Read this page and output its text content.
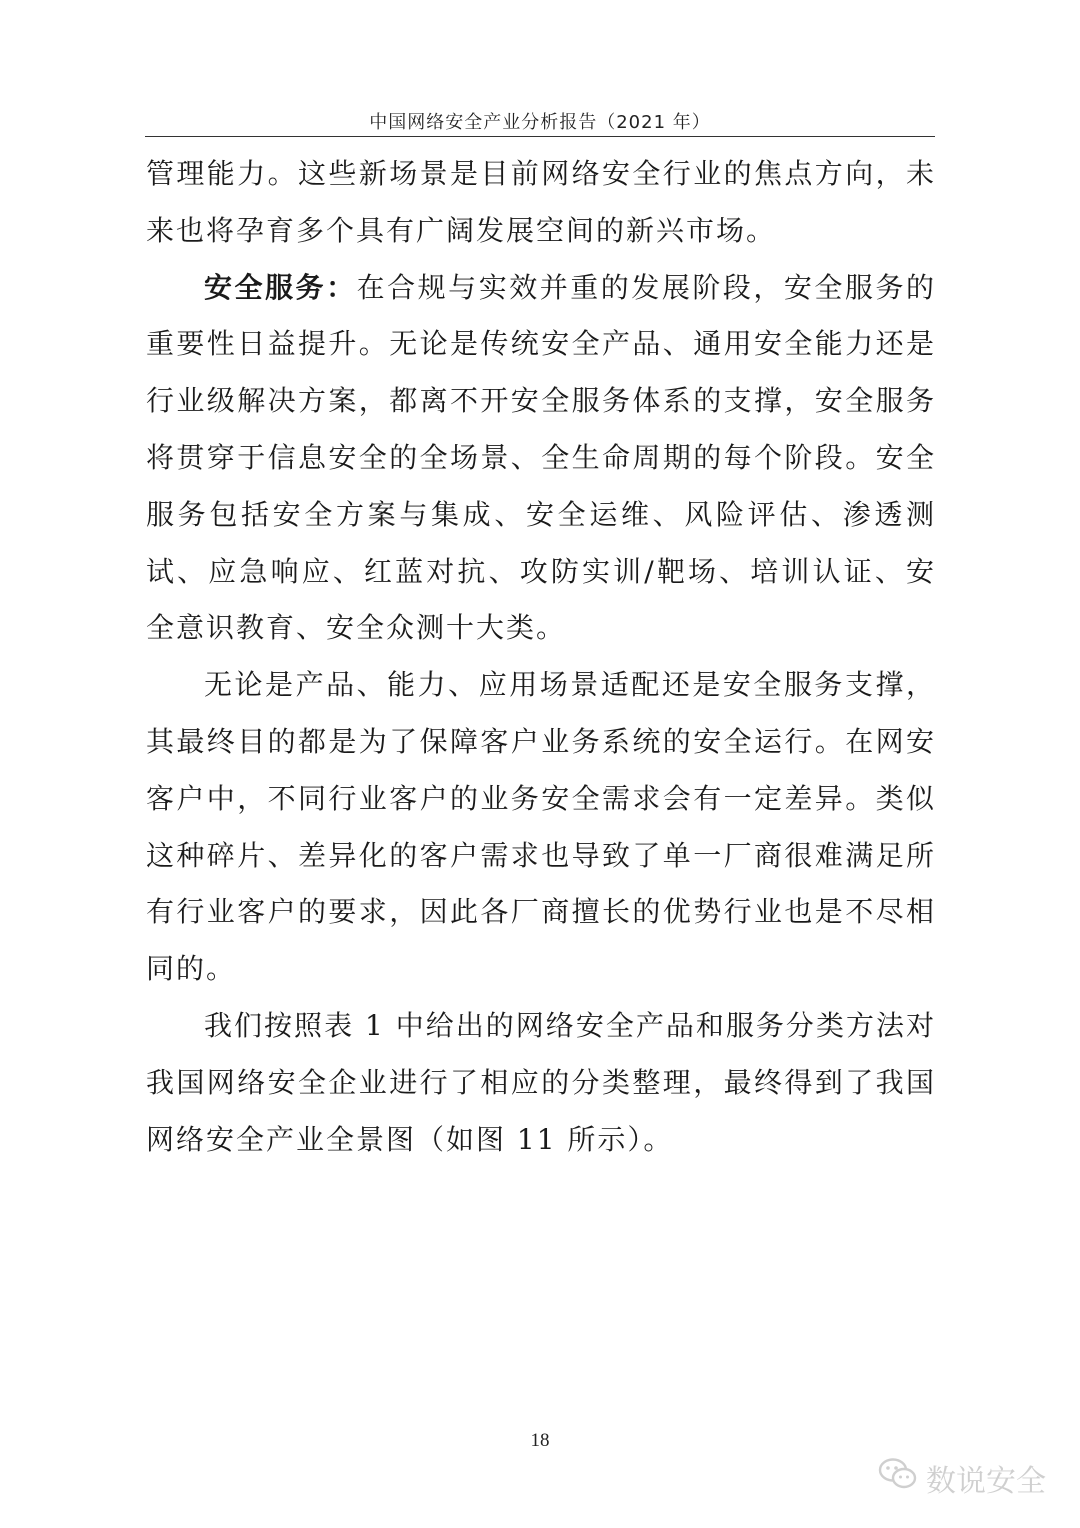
中国网络安全产业分析报告（2021 年）

管理能力。这些新场景是目前网络安全行业的焦点方向，未来也将孕育多个具有广阔发展空间的新兴市场。

安全服务：在合规与实效并重的发展阶段，安全服务的重要性日益提升。无论是传统安全产品、通用安全能力还是行业级解决方案，都离不开安全服务体系的支撑，安全服务将贯穿于信息安全的全场景、全生命周期的每个阶段。安全服务包括安全方案与集成、安全运维、风险评估、渗透测试、应急响应、红蓝对抗、攻防实训/靶场、培训认证、安全意识教育、安全众测十大类。

无论是产品、能力、应用场景适配还是安全服务支撑，其最终目的都是为了保障客户业务系统的安全运行。在网安客户中，不同行业客户的业务安全需求会有一定差异。类似这种碎片、差异化的客户需求也导致了单一厂商很难满足所有行业客户的要求，因此各厂商擅长的优势行业也是不尽相同的。

我们按照表 1 中给出的网络安全产品和服务分类方法对我国网络安全企业进行了相应的分类整理，最终得到了我国网络安全产业全景图（如图 11 所示）。

18
数说安全
